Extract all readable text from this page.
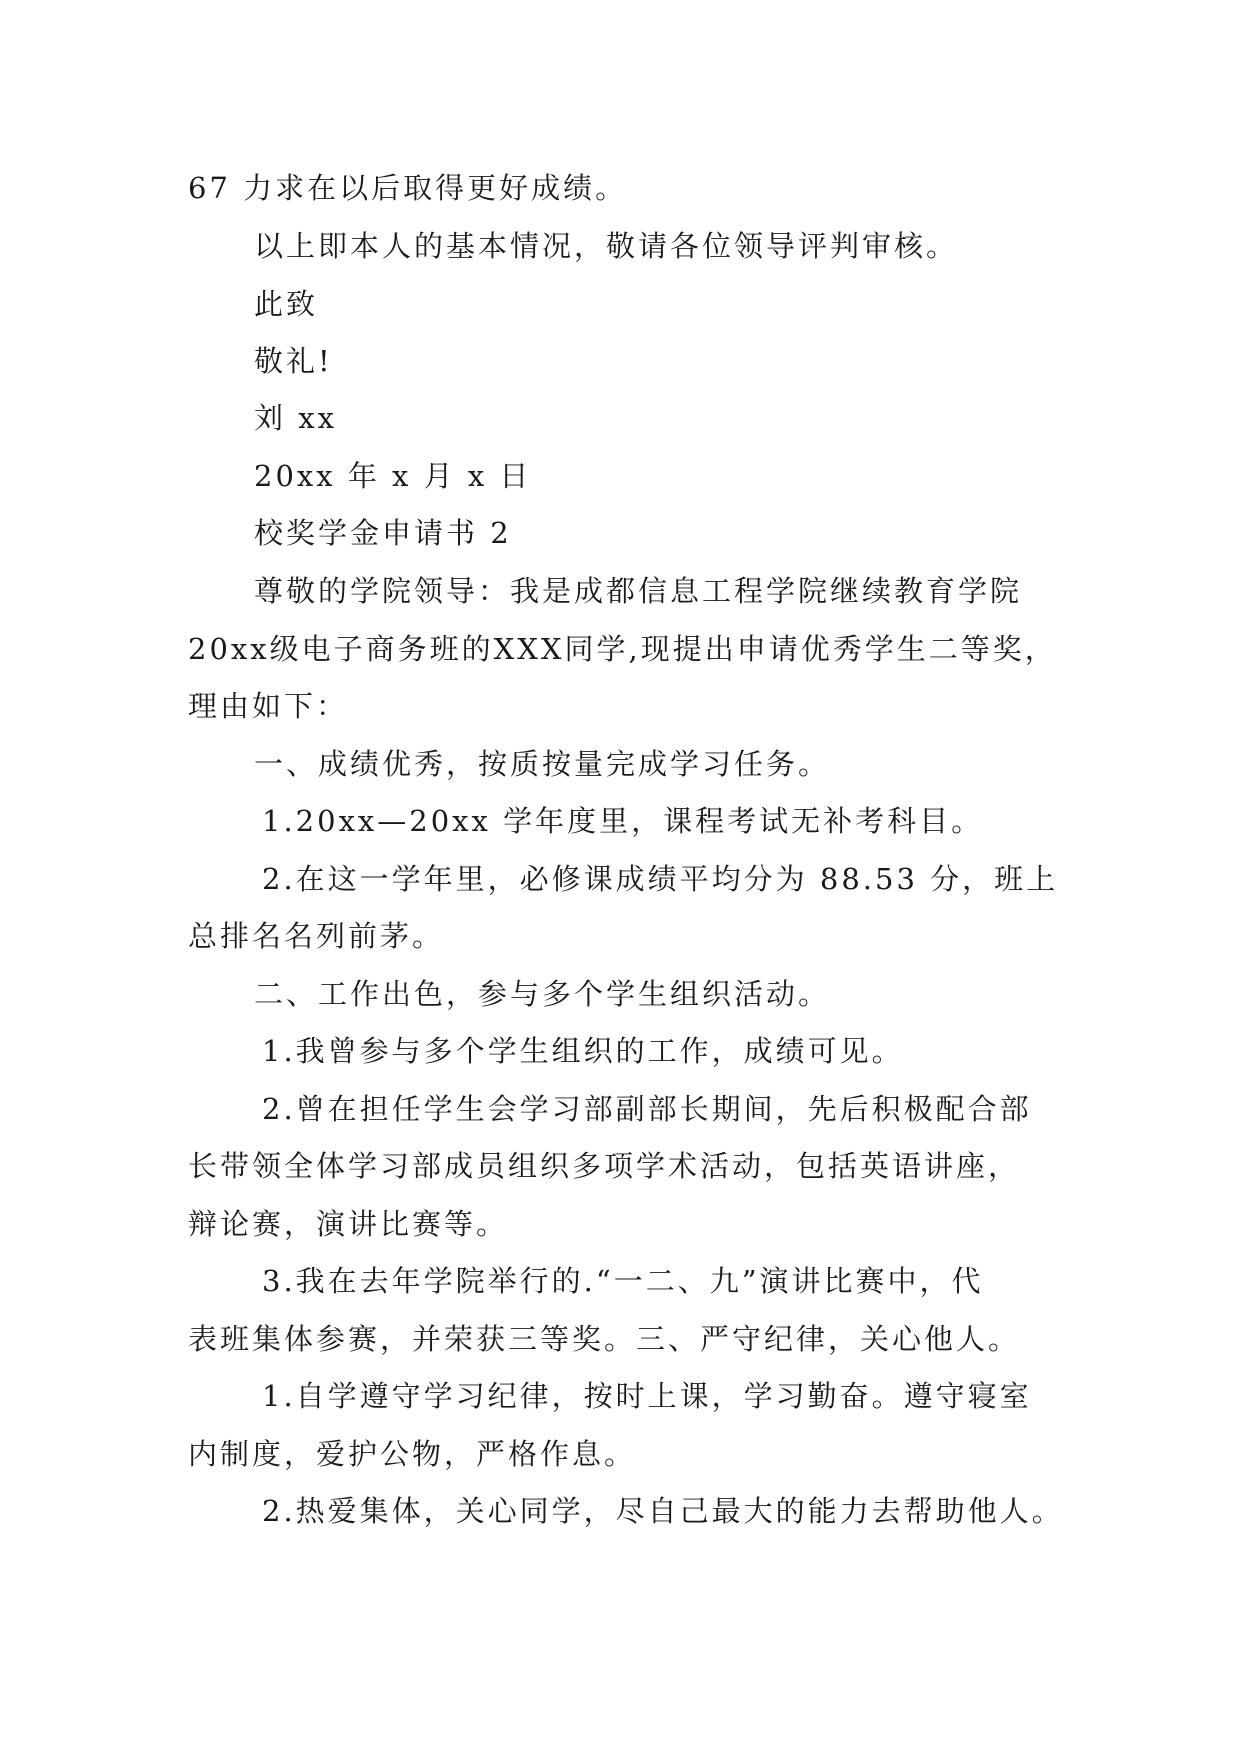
67 力求在以后取得更好成绩。
以上即本人的基本情况，敬请各位领导评判审核。
此致
敬礼!
刘 xx
20xx 年 x 月 x 日
校奖学金申请书 2
尊敬的学院领导：我是成都信息工程学院继续教育学院
20xx级电子商务班的XXX同学,现提出申请优秀学生二等奖，
理由如下：
一、成绩优秀，按质按量完成学习任务。
1.20xx—20xx 学年度里，课程考试无补考科目。
2.在这一学年里，必修课成绩平均分为 88.53 分，班上
总排名名列前茅。
二、工作出色，参与多个学生组织活动。
1.我曾参与多个学生组织的工作，成绩可见。
2.曾在担任学生会学习部副部长期间，先后积极配合部
长带领全体学习部成员组织多项学术活动，包括英语讲座，
辩论赛，演讲比赛等。
3.我在去年学院举行的.“一二、九”演讲比赛中，代
表班集体参赛，并荣获三等奖。三、严守纪律，关心他人。
1.自学遵守学习纪律，按时上课，学习勤奋。遵守寝室
内制度，爱护公物，严格作息。
2.热爱集体，关心同学，尽自己最大的能力去帮助他人。
